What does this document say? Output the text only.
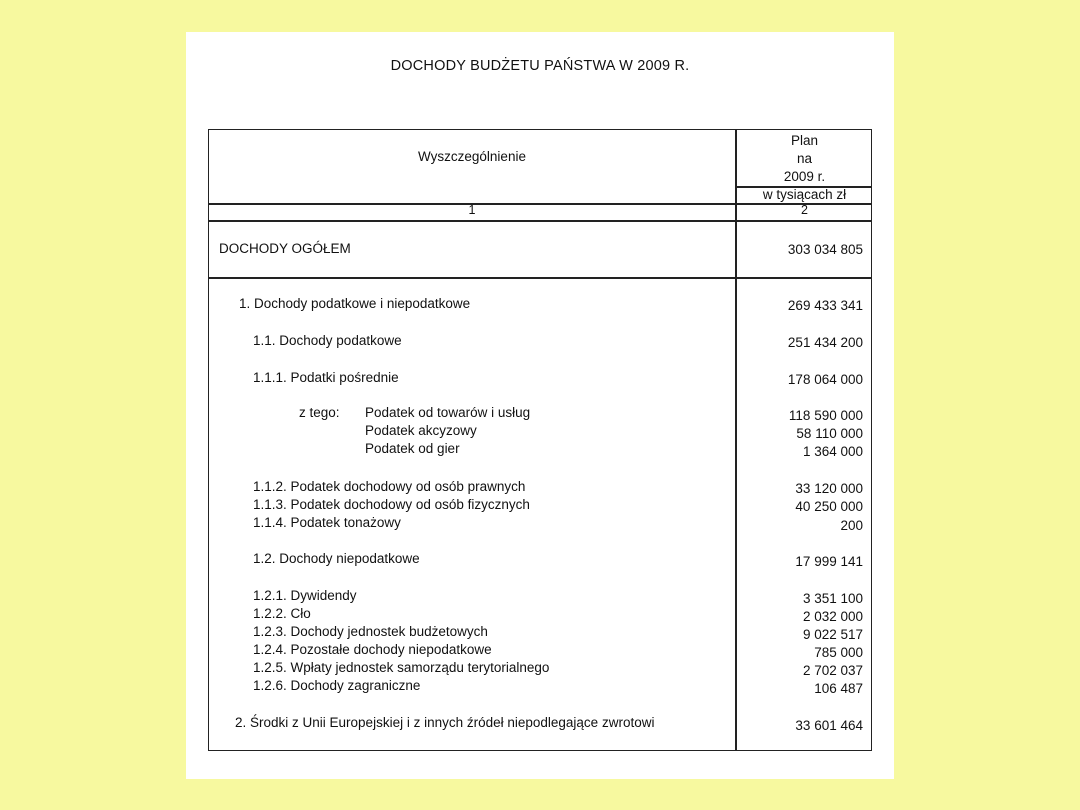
DOCHODY BUDŻETU PAŃSTWA W 2009 R.
Wyszczególnienie
Plan
na
2009 r.
w tysiącach zł
1	2
DOCHODY OGÓŁEM	303 034 805
1. Dochody podatkowe i niepodatkowe	269 433 341
1.1. Dochody podatkowe	251 434 200
1.1.1. Podatki pośrednie	178 064 000
z tego: Podatek od towarów i usług	118 590 000
Podatek akcyzowy	58 110 000
Podatek od gier	1 364 000
1.1.2. Podatek dochodowy od osób prawnych	33 120 000
1.1.3. Podatek dochodowy od osób fizycznych	40 250 000
1.1.4. Podatek tonażowy	200
1.2. Dochody niepodatkowe	17 999 141
1.2.1. Dywidendy	3 351 100
1.2.2. Cło	2 032 000
1.2.3. Dochody jednostek budżetowych	9 022 517
1.2.4. Pozostałe dochody niepodatkowe	785 000
1.2.5. Wpłaty jednostek samorządu terytorialnego	2 702 037
1.2.6. Dochody zagraniczne	106 487
2. Środki z Unii Europejskiej i z innych źródeł niepodlegające zwrotowi	33 601 464
